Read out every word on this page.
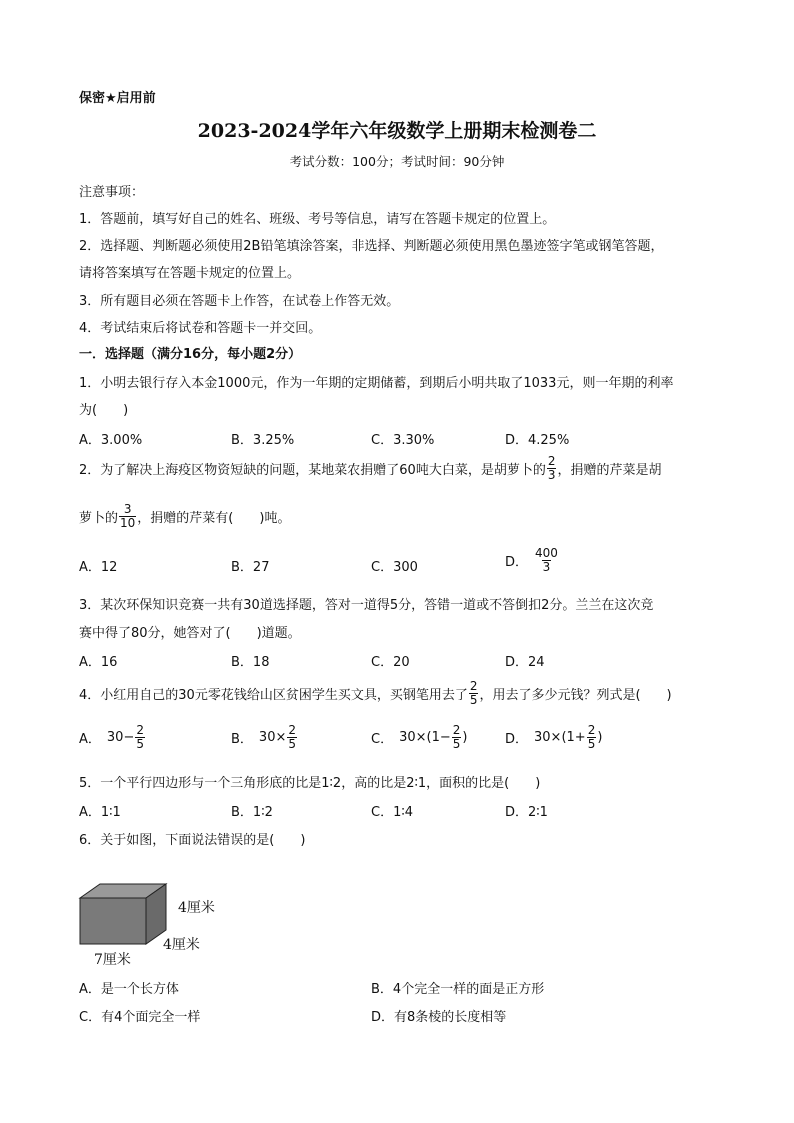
保密★启用前
2023-2024学年六年级数学上册期末检测卷二
考试分数：100分；考试时间：90分钟
注意事项：
1．答题前，填写好自己的姓名、班级、考号等信息，请写在答题卡规定的位置上。
2．选择题、判断题必须使用2B铅笔填涂答案，非选择、判断题必须使用黑色墨迹签字笔或钢笔答题，
请将答案填写在答题卡规定的位置上。
3．所有题目必须在答题卡上作答，在试卷上作答无效。
4．考试结束后将试卷和答题卡一并交回。
一．选择题（满分16分，每小题2分）
1．小明去银行存入本金1000元，作为一年期的定期储蓄，到期后小明共取了1033元，则一年期的利率
为(　　)
A．3.00%	B．3.25%	C．3.30%	D．4.25%
2．为了解决上海疫区物资短缺的问题，某地菜农捐赠了60吨大白菜，是胡萝卜的 $\frac{2}{3}$ ，捐赠的芹菜是胡
萝卜的 $\frac{3}{10}$ ，捐赠的芹菜有(　　)吨。
A．12	B．27	C．300	D． $\frac{400}{3}$
3．某次环保知识竞赛一共有30道选择题，答对一道得5分，答错一道或不答倒扣2分。兰兰在这次竞
赛中得了80分，她答对了(　　)道题。
A．16	B．18	C．20	D．24
4．小红用自己的30元零花钱给山区贫困学生买文具，买钢笔用去了 $\frac{2}{5}$ ，用去了多少元钱？列式是(　　)
A． $30- \frac{2}{5}$	B． $30\times \frac{2}{5}$	C． $30\times(1- \frac{2}{5}$ )	D． $30\times(1+ \frac{2}{5}$ )
5．一个平行四边形与一个三角形底的比是1∶2，高的比是2∶1，面积的比是(　　)
A．1∶1	B．1∶2	C．1∶4	D．2∶1
6．关于如图，下面说法错误的是(　　)
4厘米
4厘米
7厘米
A．是一个长方体	B．4个完全一样的面是正方形
C．有4个面完全一样	D．有8条棱的长度相等
